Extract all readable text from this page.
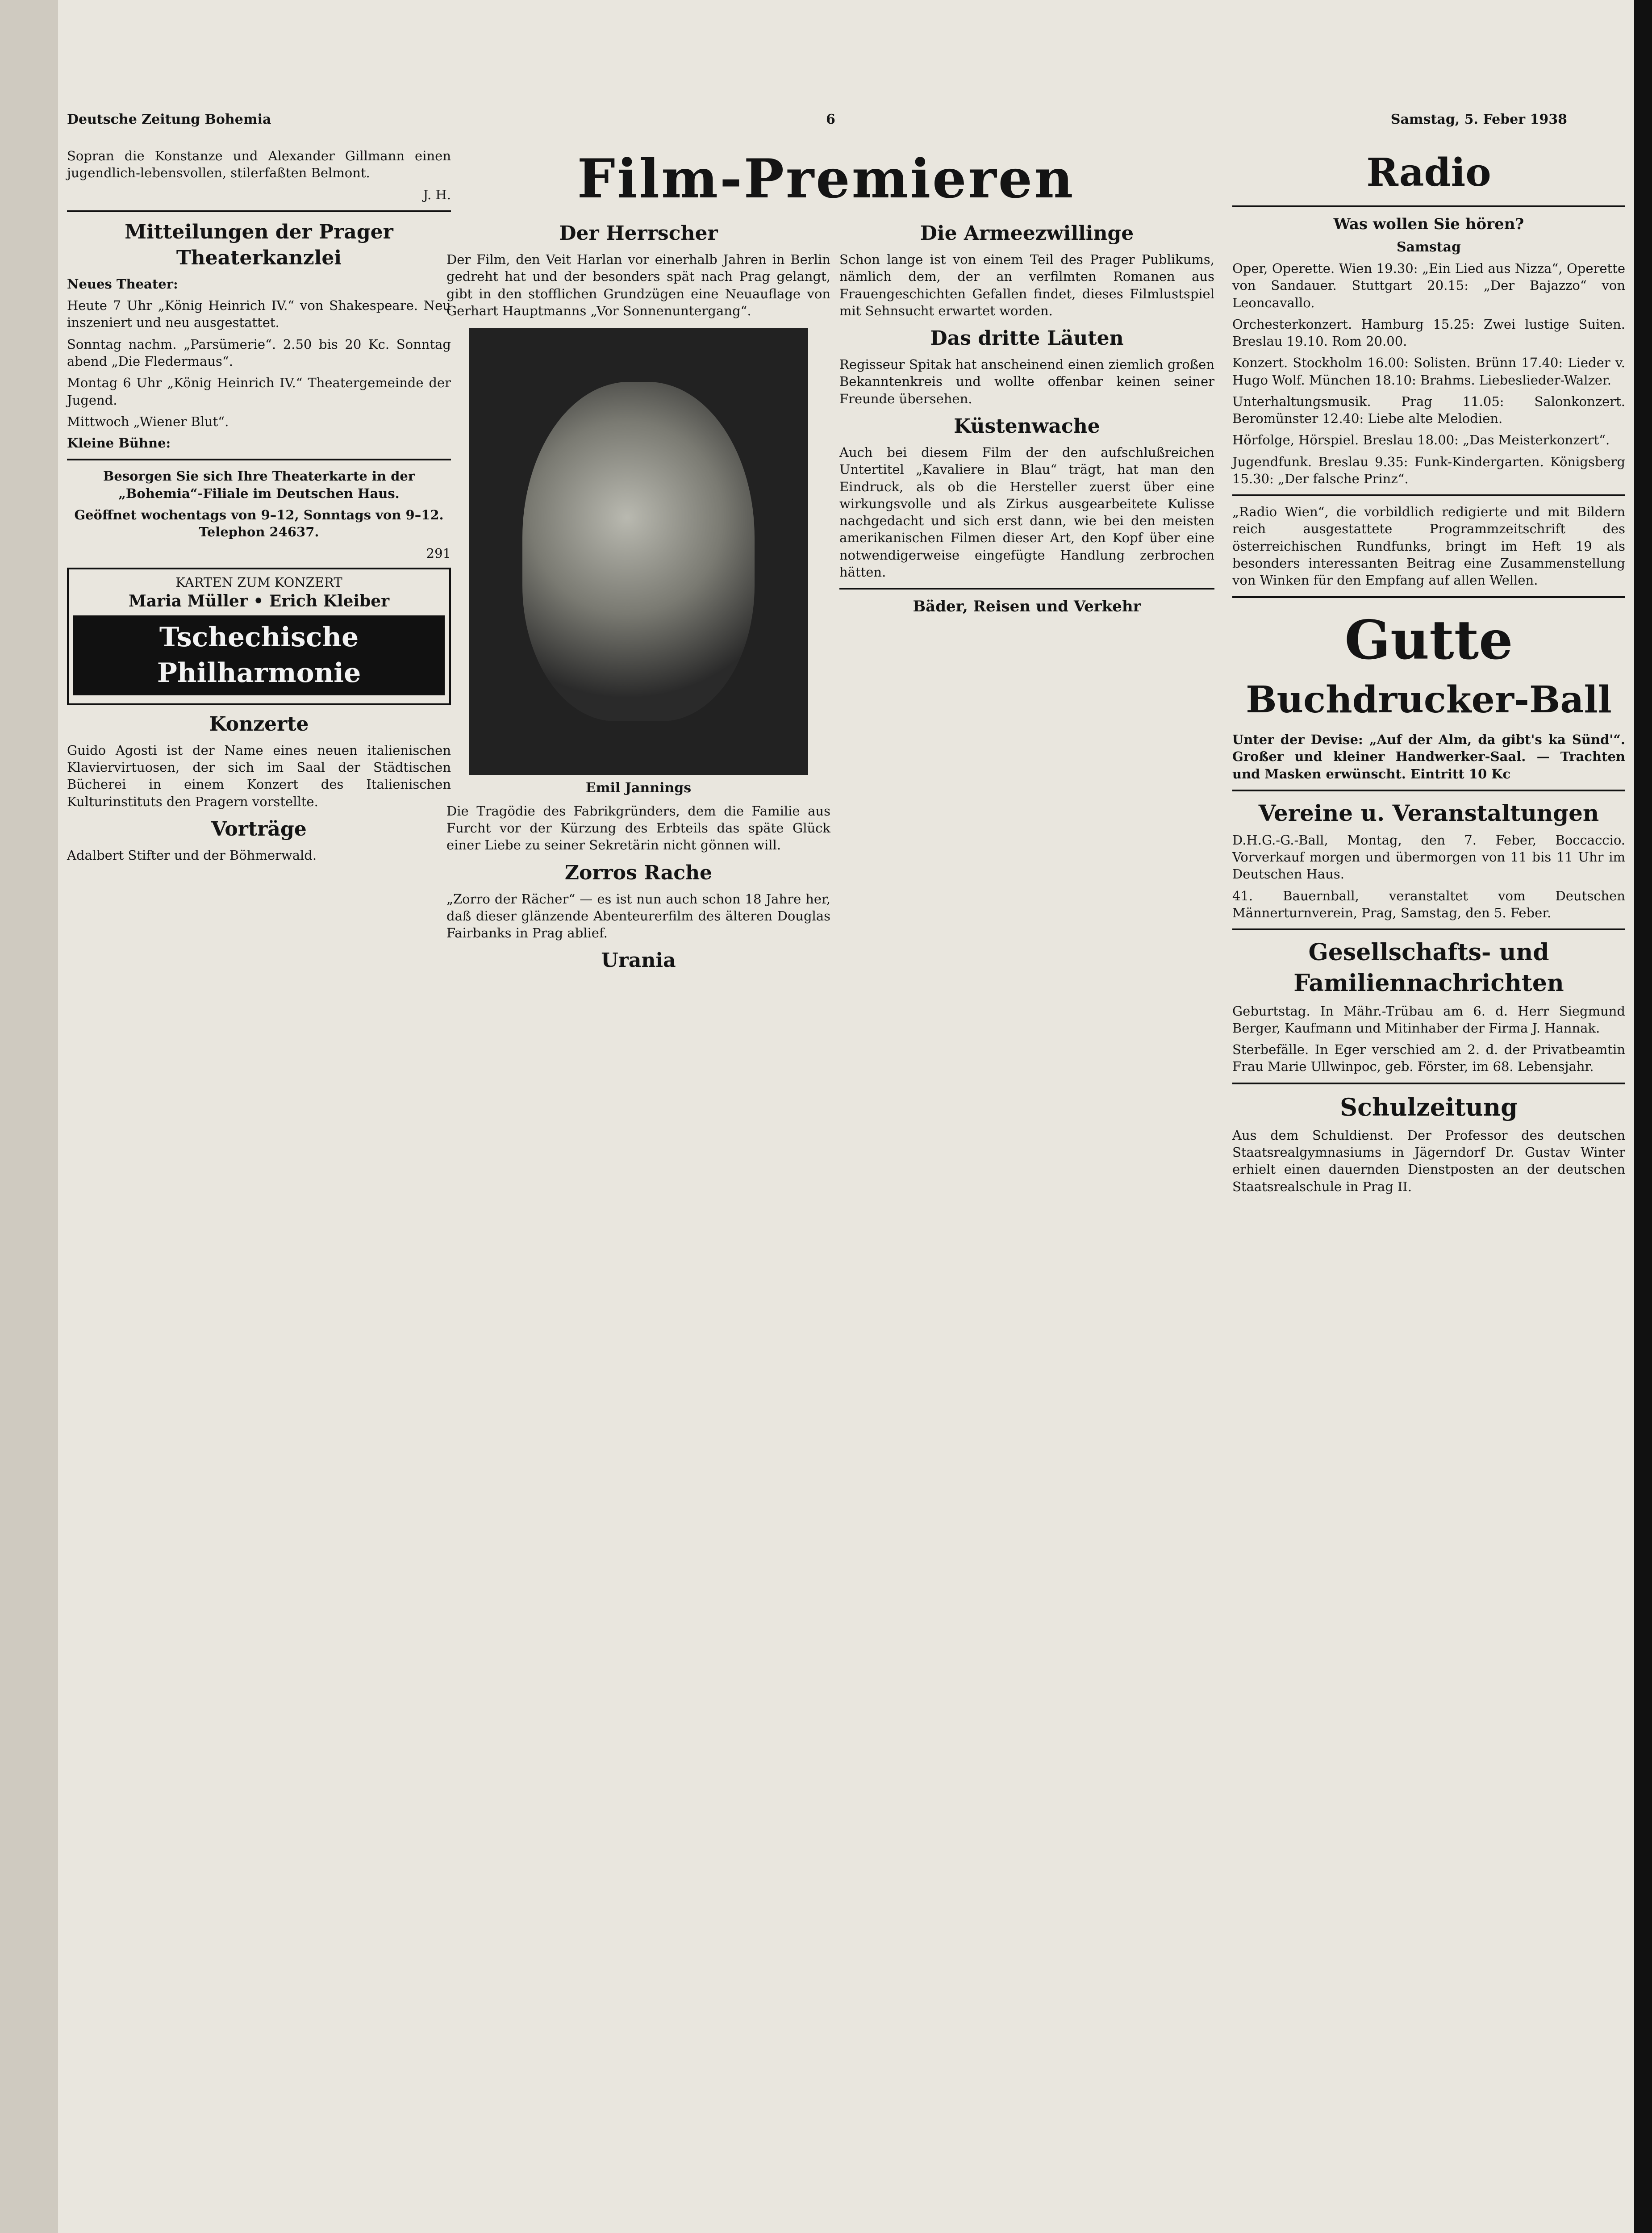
Deutsche Zeitung Bohemia	6	Samstag, 5. Feber 1938
Sopran die Konstanze und Alexander Gillmann einen jugendlich-lebensvollen, stilerfaßten Belmont.
J. H.
Mitteilungen der Prager Theaterkanzlei
Neues Theater:
Heute 7 Uhr „König Heinrich IV.“ von Shakespeare. Neu inszeniert und neu ausgestattet.
Sonntag nachm. „Parsümerie“. 2.50 bis 20 Kc. Sonntag abend „Die Fledermaus“.
Montag 6 Uhr „König Heinrich IV.“ Theatergemeinde der Jugend.
Mittwoch „Wiener Blut“.
Kleine Bühne:
Besorgen Sie sich Ihre Theaterkarte in der „Bohemia“-Filiale im Deutschen Haus.
Geöffnet wochentags von 9–12, Sonntags von 9–12. Telephon 24637.
291
KARTEN ZUM KONZERT
Maria Müller • Erich Kleiber
Tschechische Philharmonie
Konzerte
Guido Agosti ist der Name eines neuen italienischen Klaviervirtuosen, der sich im Saal der Städtischen Bücherei in einem Konzert des Italienischen Kulturinstituts den Pragern vorstellte.
Vorträge
Adalbert Stifter und der Böhmerwald.
Film-Premieren
Der Herrscher
Der Film, den Veit Harlan vor einerhalb Jahren in Berlin gedreht hat und der besonders spät nach Prag gelangt, gibt in den stofflichen Grundzügen eine Neuauflage von Gerhart Hauptmanns „Vor Sonnenuntergang“.
Emil Jannings
Die Tragödie des Fabrikgründers, dem die Familie aus Furcht vor der Kürzung des Erbteils das späte Glück einer Liebe zu seiner Sekretärin nicht gönnen will.
Zorros Rache
„Zorro der Rächer“ — es ist nun auch schon 18 Jahre her, daß dieser glänzende Abenteurerfilm des älteren Douglas Fairbanks in Prag ablief.
Urania
Die Armeezwillinge
Schon lange ist von einem Teil des Prager Publikums, nämlich dem, der an verfilmten Romanen aus Frauengeschichten Gefallen findet, dieses Filmlustspiel mit Sehnsucht erwartet worden.
Das dritte Läuten
Regisseur Spitak hat anscheinend einen ziemlich großen Bekanntenkreis und wollte offenbar keinen seiner Freunde übersehen.
Küstenwache
Auch bei diesem Film der den aufschlußreichen Untertitel „Kavaliere in Blau“ trägt, hat man den Eindruck, als ob die Hersteller zuerst über eine wirkungsvolle und als Zirkus ausgearbeitete Kulisse nachgedacht und sich erst dann, wie bei den meisten amerikanischen Filmen dieser Art, den Kopf über eine notwendigerweise eingefügte Handlung zerbrochen hätten.
Bäder, Reisen und Verkehr
Radio
Was wollen Sie hören?
Samstag
Oper, Operette. Wien 19.30: „Ein Lied aus Nizza“, Operette von Sandauer. Stuttgart 20.15: „Der Bajazzo“ von Leoncavallo.
Orchesterkonzert. Hamburg 15.25: Zwei lustige Suiten. Breslau 19.10. Rom 20.00.
Konzert. Stockholm 16.00: Solisten. Brünn 17.40: Lieder v. Hugo Wolf. München 18.10: Brahms. Liebeslieder-Walzer.
Unterhaltungsmusik. Prag 11.05: Salonkonzert. Beromünster 12.40: Liebe alte Melodien.
Hörfolge, Hörspiel. Breslau 18.00: „Das Meisterkonzert“.
Jugendfunk. Breslau 9.35: Funk-Kindergarten. Königsberg 15.30: „Der falsche Prinz“.
„Radio Wien“, die vorbildlich redigierte und mit Bildern reich ausgestattete Programmzeitschrift des österreichischen Rundfunks, bringt im Heft 19 als besonders interessanten Beitrag eine Zusammenstellung von Winken für den Empfang auf allen Wellen.
Gutte
Buchdrucker-Ball
Unter der Devise: „Auf der Alm, da gibt's ka Sünd'“. Großer und kleiner Handwerker-Saal. — Trachten und Masken erwünscht. Eintritt 10 Kc
Vereine u. Veranstaltungen
D.H.G.-G.-Ball, Montag, den 7. Feber, Boccaccio. Vorverkauf morgen und übermorgen von 11 bis 11 Uhr im Deutschen Haus.
41. Bauernball, veranstaltet vom Deutschen Männerturnverein, Prag, Samstag, den 5. Feber.
Gesellschafts- und Familiennachrichten
Geburtstag. In Mähr.-Trübau am 6. d. Herr Siegmund Berger, Kaufmann und Mitinhaber der Firma J. Hannak.
Sterbefälle. In Eger verschied am 2. d. der Privatbeamtin Frau Marie Ullwinpoc, geb. Förster, im 68. Lebensjahr.
Schulzeitung
Aus dem Schuldienst. Der Professor des deutschen Staatsrealgymnasiums in Jägerndorf Dr. Gustav Winter erhielt einen dauernden Dienstposten an der deutschen Staatsrealschule in Prag II.
